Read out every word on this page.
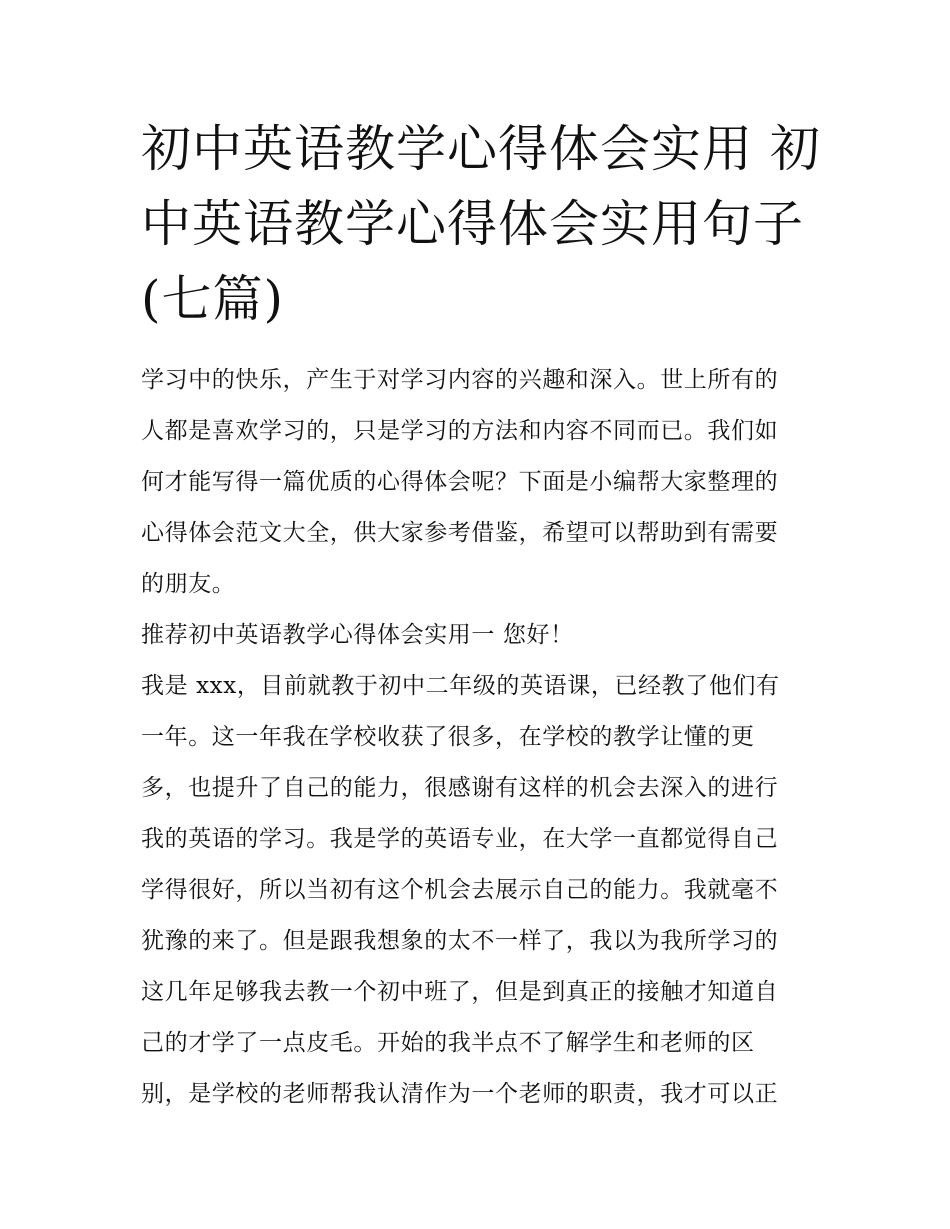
初中英语教学心得体会实用 初
中英语教学心得体会实用句子
(七篇)
学习中的快乐，产生于对学习内容的兴趣和深入。世上所有的
人都是喜欢学习的，只是学习的方法和内容不同而已。我们如
何才能写得一篇优质的心得体会呢？下面是小编帮大家整理的
心得体会范文大全，供大家参考借鉴，希望可以帮助到有需要
的朋友。
推荐初中英语教学心得体会实用一 您好！
我是 xxx，目前就教于初中二年级的英语课，已经教了他们有
一年。这一年我在学校收获了很多，在学校的教学让懂的更
多，也提升了自己的能力，很感谢有这样的机会去深入的进行
我的英语的学习。我是学的英语专业，在大学一直都觉得自己
学得很好，所以当初有这个机会去展示自己的能力。我就毫不
犹豫的来了。但是跟我想象的太不一样了，我以为我所学习的
这几年足够我去教一个初中班了，但是到真正的接触才知道自
己的才学了一点皮毛。开始的我半点不了解学生和老师的区
别，是学校的老师帮我认清作为一个老师的职责，我才可以正
